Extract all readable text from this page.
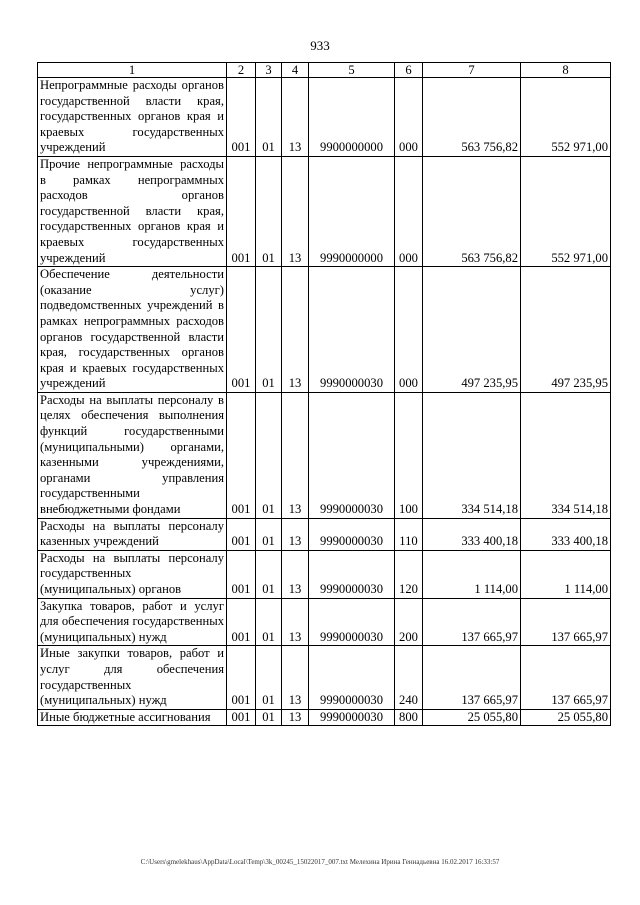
933
1	2	3	4	5	6	7	8
Непрограммные расходы органов государственной власти края, государственных органов края и краевых государственных учреждений	001	01	13	9900000000	000	563 756,82	552 971,00
Прочие непрограммные расходы в рамках непрограммных расходов органов государственной власти края, государственных органов края и краевых государственных учреждений	001	01	13	9990000000	000	563 756,82	552 971,00
Обеспечение деятельности (оказание услуг) подведомственных учреждений в рамках непрограммных расходов органов государственной власти края, государственных органов края и краевых государственных учреждений	001	01	13	9990000030	000	497 235,95	497 235,95
Расходы на выплаты персоналу в целях обеспечения выполнения функций государственными (муниципальными) органами, казенными учреждениями, органами управления государственными внебюджетными фондами	001	01	13	9990000030	100	334 514,18	334 514,18
Расходы на выплаты персоналу казенных учреждений	001	01	13	9990000030	110	333 400,18	333 400,18
Расходы на выплаты персоналу государственных (муниципальных) органов	001	01	13	9990000030	120	1 114,00	1 114,00
Закупка товаров, работ и услуг для обеспечения государственных (муниципальных) нужд	001	01	13	9990000030	200	137 665,97	137 665,97
Иные закупки товаров, работ и услуг для обеспечения государственных (муниципальных) нужд	001	01	13	9990000030	240	137 665,97	137 665,97
Иные бюджетные ассигнования	001	01	13	9990000030	800	25 055,80	25 055,80
C:\Users\gmelekhaus\AppData\Local\Temp\3k_00245_15022017_007.txt Мелехина Ирина Геннадьевна 16.02.2017 16:33:57
